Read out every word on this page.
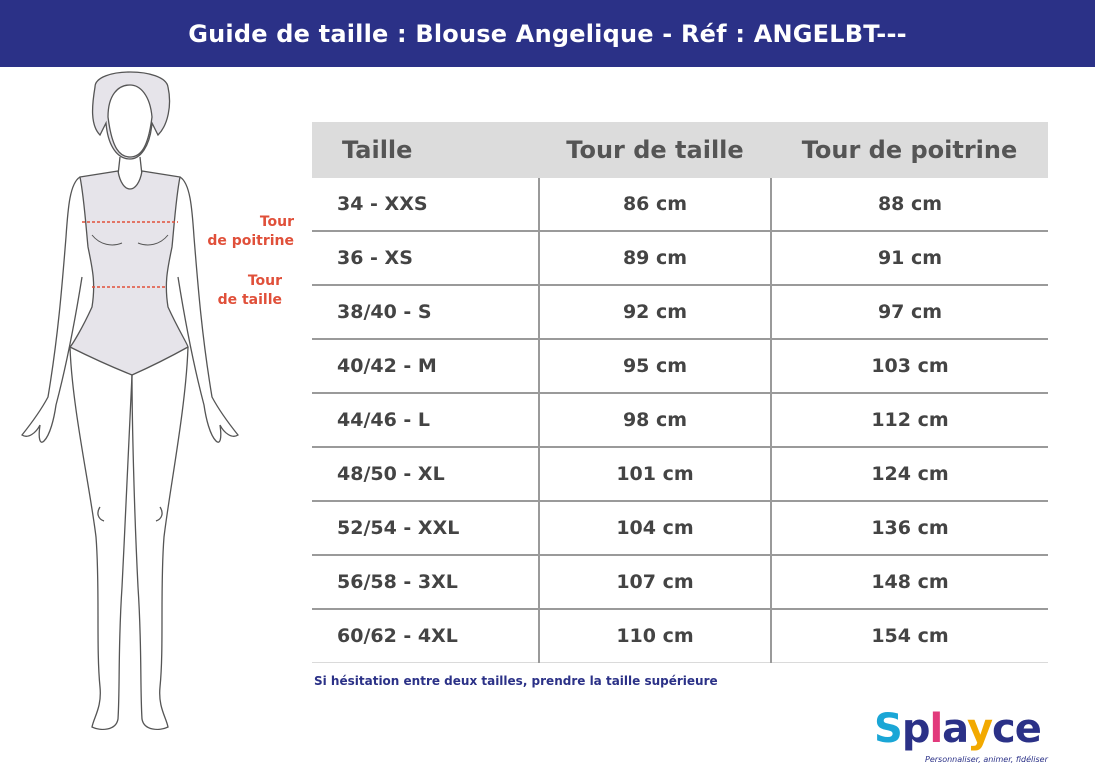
Guide de taille : Blouse Angelique - Réf : ANGELBT---
Tour
de poitrine
Tour
de taille
Taille	Tour de taille	Tour de poitrine
34 - XXS	86 cm	88 cm
36 - XS	89 cm	91 cm
38/40 - S	92 cm	97 cm
40/42 - M	95 cm	103 cm
44/46 - L	98 cm	112 cm
48/50 - XL	101 cm	124 cm
52/54 - XXL	104 cm	136 cm
56/58 - 3XL	107 cm	148 cm
60/62 - 4XL	110 cm	154 cm
Si hésitation entre deux tailles, prendre la taille supérieure
Splayce
Personnaliser, animer, fidéliser
